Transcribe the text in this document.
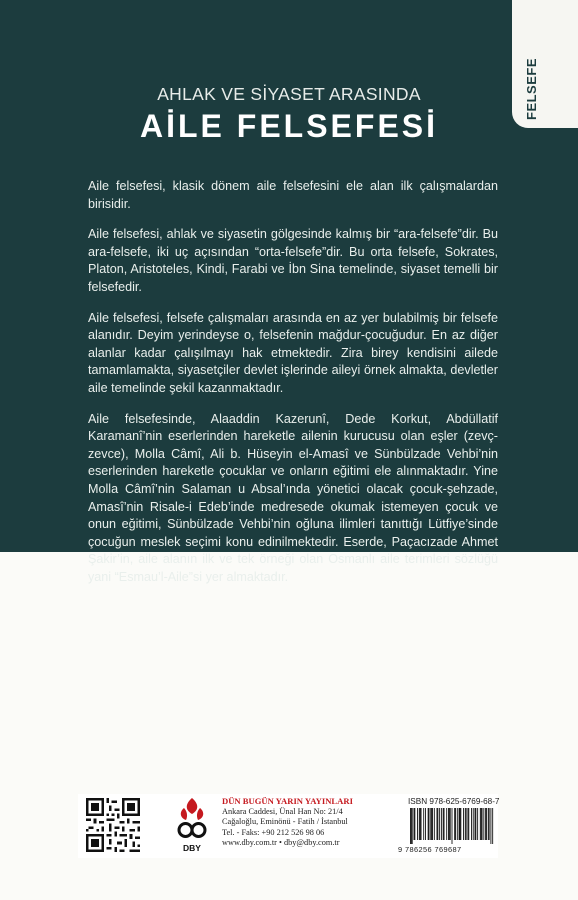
FELSEFE
AHLAK VE SİYASET ARASINDA
AİLE FELSEFESİ

Aile felsefesi, klasik dönem aile felsefesini ele alan ilk çalışmalardan birisidir.

Aile felsefesi, ahlak ve siyasetin gölgesinde kalmış bir “ara-felsefe”dir. Bu ara-felsefe, iki uç açısından “orta-felsefe”dir. Bu orta felsefe, Sokrates, Platon, Aristoteles, Kindi, Farabi ve İbn Sina temelinde, siyaset temelli bir felsefedir.

Aile felsefesi, felsefe çalışmaları arasında en az yer bulabilmiş bir felsefe alanıdır. Deyim yerindeyse o, felsefenin mağdur-çocuğudur. En az diğer alanlar kadar çalışılmayı hak etmektedir. Zira birey kendisini ailede tamamlamakta, siyasetçiler devlet işlerinde aileyi örnek almakta, devletler aile temelinde şekil kazanmaktadır.

Aile felsefesinde, Alaaddin Kazerunî, Dede Korkut, Abdüllatif Karamanî’nin eserlerinden hareketle ailenin kurucusu olan eşler (zevç-zevce), Molla Câmî, Ali b. Hüseyin el-Amasî ve Sünbülzade Vehbi’nin eserlerinden hareketle çocuklar ve onların eğitimi ele alınmaktadır. Yine Molla Câmî’nin Salaman u Absal’ında yönetici olacak çocuk-şehzade, Amasî’nin Risale-i Edeb’inde medresede okumak istemeyen çocuk ve onun eğitimi, Sünbülzade Vehbi’nin oğluna ilimleri tanıttığı Lütfiye’sinde çocuğun meslek seçimi konu edinilmektedir. Eserde, Paçacızade Ahmet Şakir’in, aile alanın ilk ve tek örneği olan Osmanlı aile terimleri sözlüğü yani “Esmau’l-Aile”si yer almaktadır.

DBY
DÜN BUGÜN YARIN YAYINLARI
Ankara Caddesi, Ünal Han No: 21/4
Cağaloğlu, Eminönü - Fatih / İstanbul
Tel. - Faks: +90 212 526 98 06
www.dby.com.tr • dby@dby.com.tr
ISBN 978-625-6769-68-7
9 786256 769687
